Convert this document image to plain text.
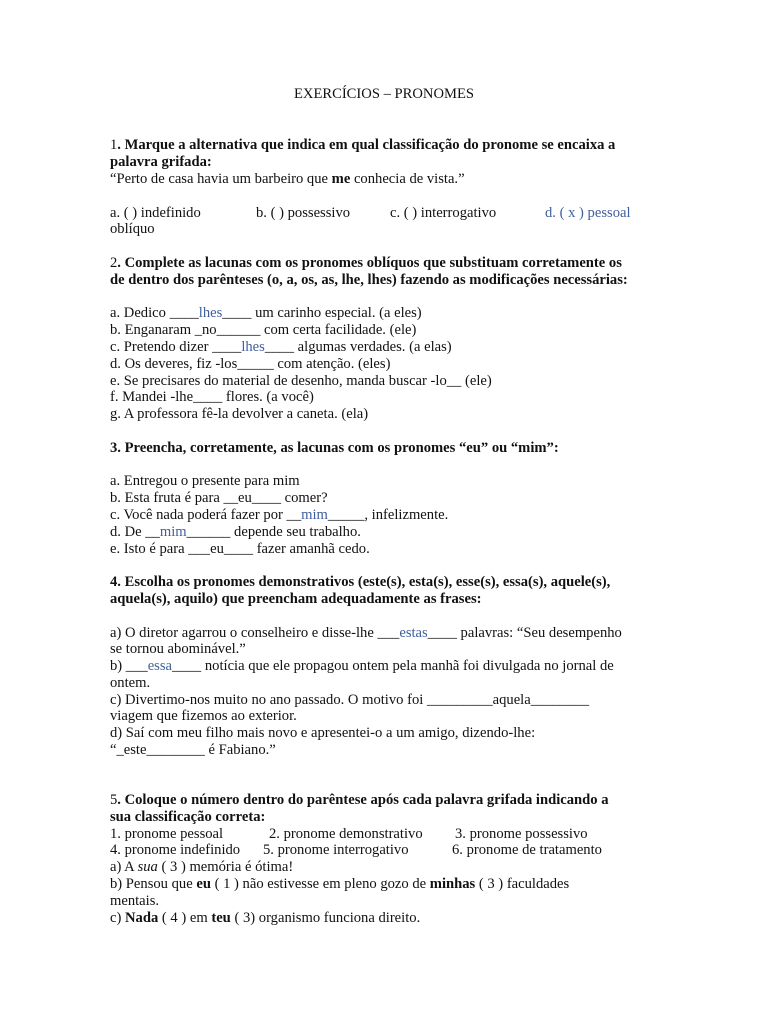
EXERCÍCIOS – PRONOMES
1. Marque a alternativa que indica em qual classificação do pronome se encaixa a
palavra grifada:
“Perto de casa havia um barbeiro que me conhecia de vista.”
a. ( ) indefinido	b. ( ) possessivo	c. ( ) interrogativo	d. ( x ) pessoal
oblíquo
2. Complete as lacunas com os pronomes oblíquos que substituam corretamente os
de dentro dos parênteses (o, a, os, as, lhe, lhes) fazendo as modificações necessárias:
a. Dedico ____lhes____ um carinho especial. (a eles)
b. Enganaram _no______ com certa facilidade. (ele)
c. Pretendo dizer ____lhes____ algumas verdades. (a elas)
d. Os deveres, fiz -los_____ com atenção. (eles)
e. Se precisares do material de desenho, manda buscar -lo__ (ele)
f. Mandei -lhe____ flores. (a você)
g. A professora fê-la devolver a caneta. (ela)
3. Preencha, corretamente, as lacunas com os pronomes “eu” ou “mim”:
a. Entregou o presente para mim
b. Esta fruta é para __eu____ comer?
c. Você nada poderá fazer por __mim_____, infelizmente.
d. De __mim______ depende seu trabalho.
e. Isto é para ___eu____ fazer amanhã cedo.
4. Escolha os pronomes demonstrativos (este(s), esta(s), esse(s), essa(s), aquele(s),
aquela(s), aquilo) que preencham adequadamente as frases:
a) O diretor agarrou o conselheiro e disse-lhe ___estas____ palavras: “Seu desempenho
se tornou abominável.”
b) ___essa____ notícia que ele propagou ontem pela manhã foi divulgada no jornal de
ontem.
c) Divertimo-nos muito no ano passado. O motivo foi _________aquela________
viagem que fizemos ao exterior.
d) Saí com meu filho mais novo e apresentei-o a um amigo, dizendo-lhe:
“_este________ é Fabiano.”
5. Coloque o número dentro do parêntese após cada palavra grifada indicando a
sua classificação correta:
1. pronome pessoal	2. pronome demonstrativo 3. pronome possessivo
4. pronome indefinido 5. pronome interrogativo	6. pronome de tratamento
a) A sua ( 3 ) memória é ótima!
b) Pensou que eu ( 1 ) não estivesse em pleno gozo de minhas ( 3 ) faculdades
mentais.
c) Nada ( 4 ) em teu ( 3) organismo funciona direito.
